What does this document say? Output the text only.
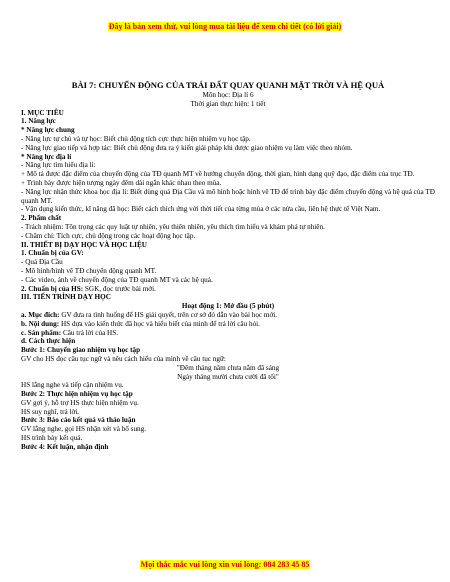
Đây là bản xem thử, vui lòng mua tài liệu để xem chi tiết (có lời giải)

BÀI 7: CHUYỂN ĐỘNG CỦA TRÁI ĐẤT QUAY QUANH MẶT TRỜI VÀ HỆ QUẢ

Môn học: Địa lí 6

Thời gian thực hiện: 1 tiết

I. MỤC TIÊU

1. Năng lực

* Năng lực chung

- Năng lực tự chủ và tự học: Biết chủ động tích cực thực hiện nhiệm vụ học tập.

- Năng lực giao tiếp và hợp tác: Biết chủ động đưa ra ý kiến giải pháp khi được giao nhiệm vụ làm việc theo nhóm.

* Năng lực địa lí

- Năng lực tìm hiểu địa lí:

+ Mô tả được đặc điểm của chuyển động của TĐ quanh MT về hướng chuyển động, thời gian, hình dạng quỹ đạo, đặc điểm của trục TĐ.

+ Trình bày được hiện tượng ngày đêm dài ngắn khác nhau theo mùa.

- Năng lực nhận thức khoa học địa lí: Biết dùng quả Địa Cầu và mô hình hoặc hình vẽ TĐ để trình bày đặc điểm chuyển động và hệ quả của TĐ quanh MT.

- Vận dụng kiến thức, kĩ năng đã học: Biết cách thích ứng với thời tiết của từng mùa ở các nửa cầu, liên hệ thực tế Việt Nam.

2. Phẩm chất

- Trách nhiệm: Tôn trọng các quy luật tự nhiên, yêu thiên nhiên, yêu thích tìm hiểu và khám phá tự nhiên.

- Chăm chỉ: Tích cực, chủ động trong các hoạt động học tập.

II. THIẾT BỊ DẠY HỌC VÀ HỌC LIỆU

1. Chuẩn bị của GV:

- Quả Địa Cầu

- Mô hình/hình vẽ TĐ chuyển động quanh MT.

- Các video, ảnh về chuyển động của TĐ quanh MT và các hệ quả.

2. Chuẩn bị của HS: SGK, đọc trước bài mới.

III. TIẾN TRÌNH DẠY HỌC

Hoạt động 1: Mở đầu (5 phút)

a. Mục đích: GV đưa ra tình huống để HS giải quyết, trên cơ sở đó dẫn vào bài học mới.

b. Nội dung: HS dựa vào kiến thức đã học và hiểu biết của mình để trả lời câu hỏi.

c. Sản phẩm: Câu trả lời của HS.

d. Cách thực hiện

Bước 1: Chuyển giao nhiệm vụ học tập

GV cho HS đọc câu tục ngữ và nêu cách hiểu của mình về câu tục ngữ:

"Đêm tháng năm chưa nằm đã sáng

Ngày tháng mười chưa cười đã tối"

HS lắng nghe và tiếp cận nhiệm vụ.

Bước 2: Thực hiện nhiệm vụ học tập

GV gợi ý, hỗ trợ HS thực hiện nhiệm vụ.

HS suy nghĩ, trả lời.

Bước 3: Báo cáo kết quả và thảo luận

GV lắng nghe, gọi HS nhận xét và bổ sung.

HS trình bày kết quả.

Bước 4: Kết luận, nhận định

Mọi thắc mắc vui lòng xin vui lòng: 084 283 45 85
